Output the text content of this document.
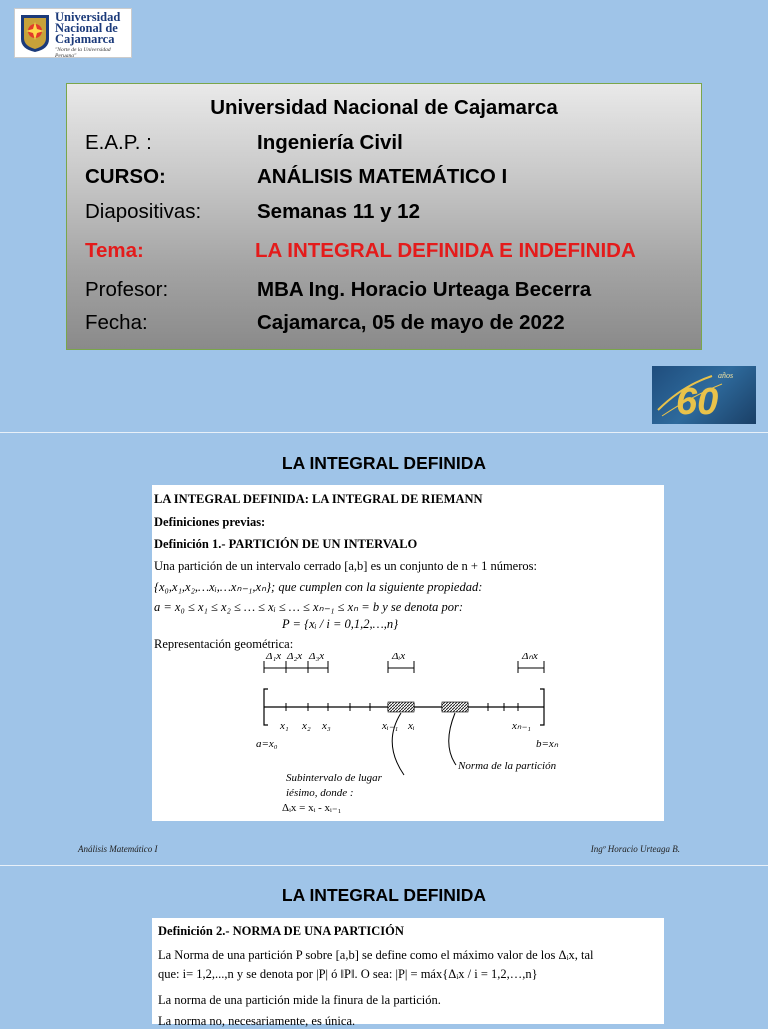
Universidad
Nacional de
Cajamarca
"Norte de la Universidad Peruana"
Universidad Nacional de Cajamarca
E.A.P. :	Ingeniería Civil
CURSO:	ANÁLISIS MATEMÁTICO I
Diapositivas:	Semanas 11 y 12
Tema:	LA INTEGRAL DEFINIDA E INDEFINIDA
Profesor:	MBA Ing. Horacio Urteaga Becerra
Fecha:	Cajamarca, 05 de mayo de 2022
años
60
LA INTEGRAL DEFINIDA
LA INTEGRAL DEFINIDA: LA INTEGRAL DE RIEMANN
Definiciones previas:
Definición 1.- PARTICIÓN DE UN INTERVALO
Una partición de un intervalo cerrado [a,b] es un conjunto de n + 1 números:
{x₀,x₁,x₂,…xᵢ,…xₙ₋₁,xₙ}; que cumplen con la siguiente propiedad:
a = x₀ ≤ x₁ ≤ x₂ ≤ … ≤ xᵢ ≤ … ≤ xₙ₋₁ ≤ xₙ = b y se denota por:
P = {xᵢ / i = 0,1,2,…,n}
Representación geométrica:
Δ₁x Δ₂x Δ₃x	Δᵢx	Δₙx
x₁ x₂ x₃	xᵢ₋₁ xᵢ	xₙ₋₁
a=x₀	b=xₙ
Subintervalo de lugar
iésimo, donde :
Δᵢx = xᵢ - xᵢ₋₁
Norma de la partición
Análisis Matemático I	Ingº Horacio Urteaga B.
LA INTEGRAL DEFINIDA
Definición 2.- NORMA DE UNA PARTICIÓN
La Norma de una partición P sobre [a,b] se define como el máximo valor de los Δᵢx, tal
que: i= 1,2,...,n y se denota por |P| ó ‖P‖. O sea: |P| = máx{Δᵢx / i = 1,2,…,n}
La norma de una partición mide la finura de la partición.
La norma no, necesariamente, es única.
